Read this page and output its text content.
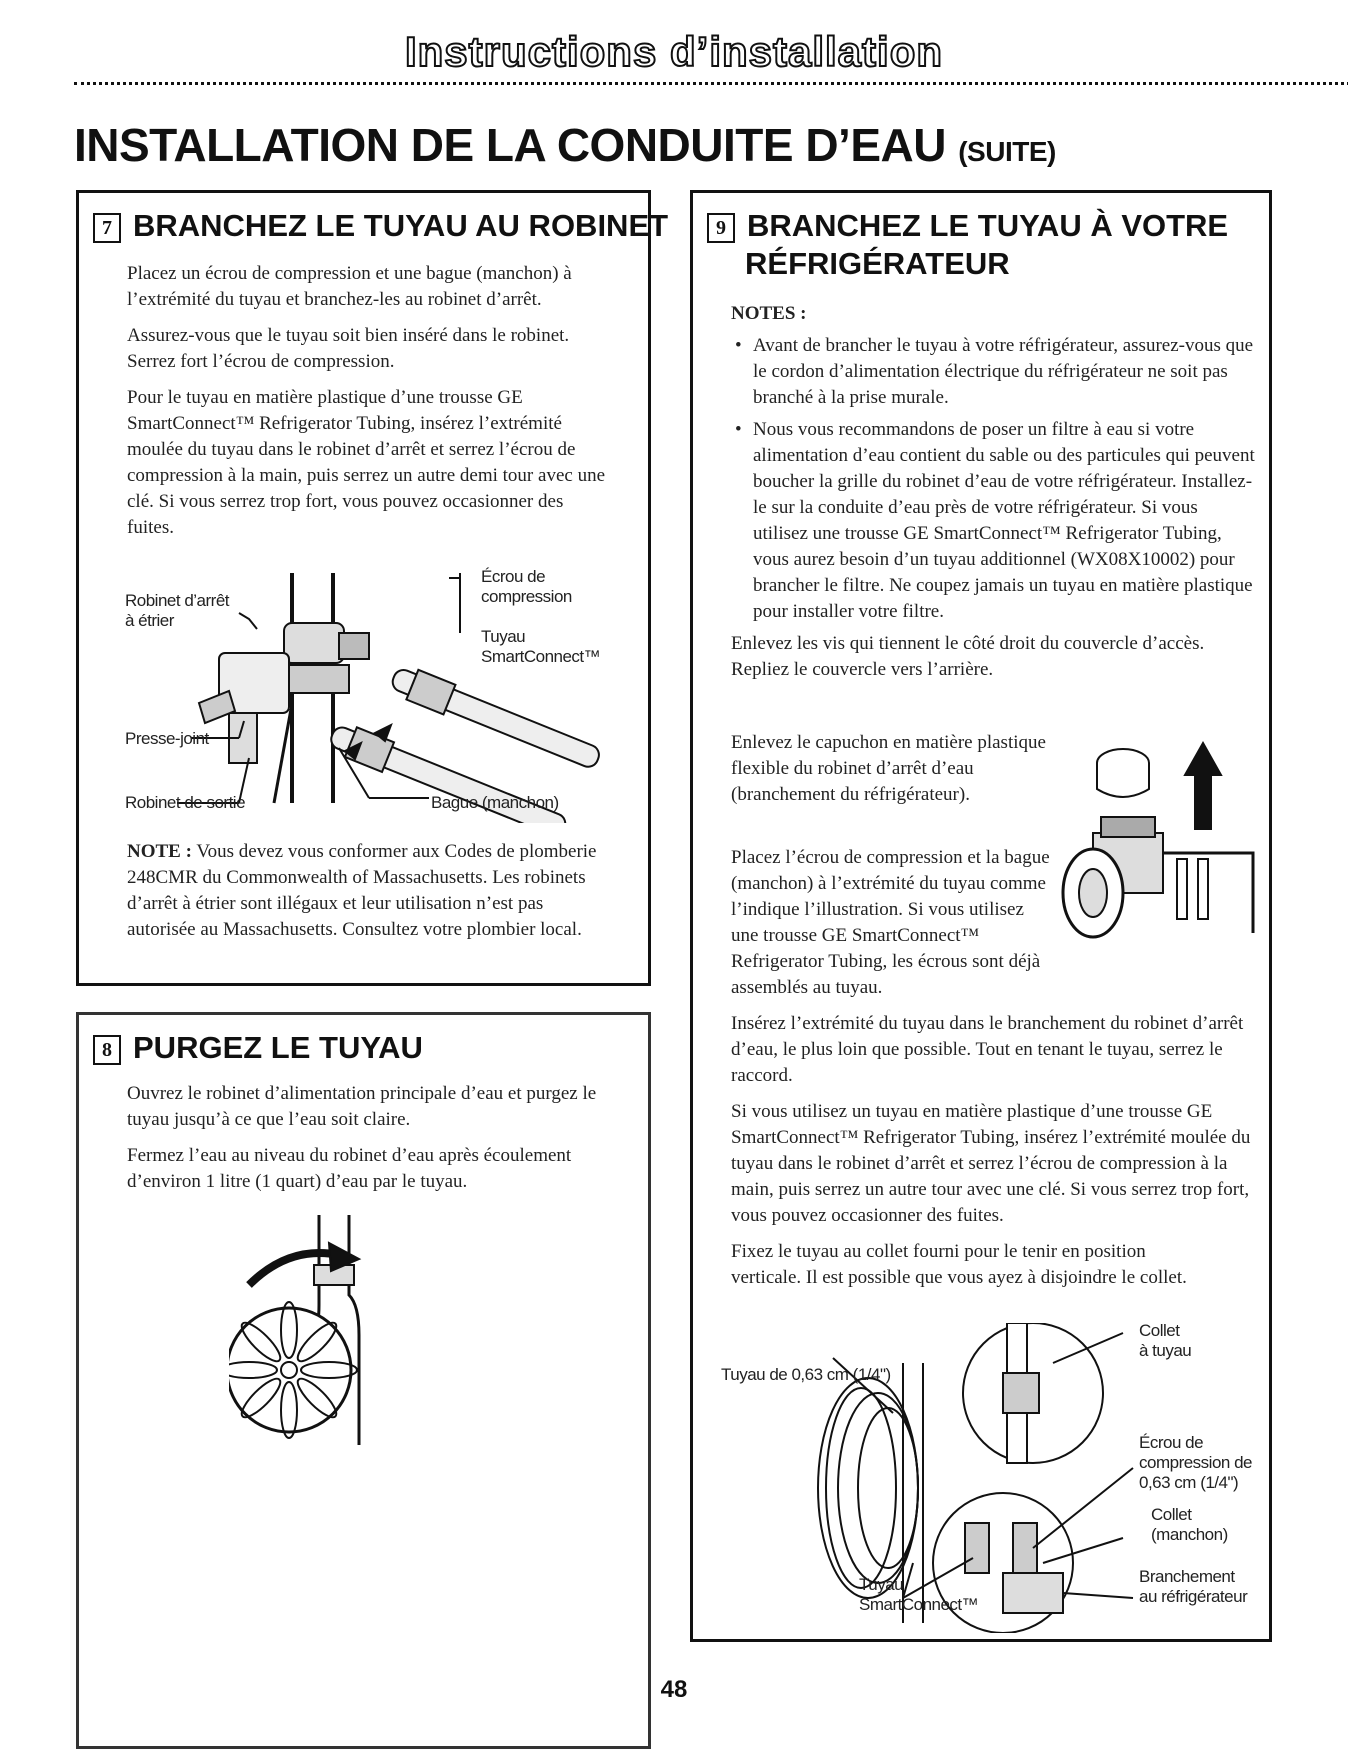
Instructions d’installation
INSTALLATION DE LA CONDUITE D’EAU (SUITE)
7 BRANCHEZ LE TUYAU AU ROBINET

Placez un écrou de compression et une bague (manchon) à l’extrémité du tuyau et branchez-les au robinet d’arrêt.

Assurez-vous que le tuyau soit bien inséré dans le robinet. Serrez fort l’écrou de compression.

Pour le tuyau en matière plastique d’une trousse GE SmartConnect™ Refrigerator Tubing, insérez l’extrémité moulée du tuyau dans le robinet d’arrêt et serrez l’écrou de compression à la main, puis serrez un autre demi tour avec une clé. Si vous serrez trop fort, vous pouvez occasionner des fuites.

Écrou de
compression
Tuyau
SmartConnect™
Robinet d’arrêt
à étrier
Presse-joint
Robinet de sortie	Bague (manchon)
NOTE : Vous devez vous conformer aux Codes de plomberie 248CMR du Commonwealth of Massachusetts. Les robinets d’arrêt à étrier sont illégaux et leur utilisation n’est pas autorisée au Massachusetts. Consultez votre plombier local.
8 PURGEZ LE TUYAU

Ouvrez le robinet d’alimentation principale d’eau et purgez le tuyau jusqu’à ce que l’eau soit claire.

Fermez l’eau au niveau du robinet d’eau après écoulement d’environ 1 litre (1 quart) d’eau par le tuyau.

9 BRANCHEZ LE TUYAU À VOTRE
RÉFRIGÉRATEUR

NOTES :

• Avant de brancher le tuyau à votre réfrigérateur, assurez-vous que le cordon d’alimentation électrique du réfrigérateur ne soit pas branché à la prise murale.
• Nous vous recommandons de poser un filtre à eau si votre alimentation d’eau contient du sable ou des particules qui peuvent boucher la grille du robinet d’eau de votre réfrigérateur. Installez-le sur la conduite d’eau près de votre réfrigérateur. Si vous utilisez une trousse GE SmartConnect™ Refrigerator Tubing, vous aurez besoin d’un tuyau additionnel (WX08X10002) pour brancher le filtre. Ne coupez jamais un tuyau en matière plastique pour installer votre filtre.

Enlevez les vis qui tiennent le côté droit du couvercle d’accès. Repliez le couvercle vers l’arrière.

Enlevez le capuchon en matière plastique flexible du robinet d’arrêt d’eau (branchement du réfrigérateur).

Placez l’écrou de compression et la bague (manchon) à l’extrémité du tuyau comme l’indique l’illustration. Si vous utilisez une trousse GE SmartConnect™ Refrigerator Tubing, les écrous sont déjà assemblés au tuyau.

Insérez l’extrémité du tuyau dans le branchement du robinet d’arrêt d’eau, le plus loin que possible. Tout en tenant le tuyau, serrez le raccord.

Si vous utilisez un tuyau en matière plastique d’une trousse GE SmartConnect™ Refrigerator Tubing, insérez l’extrémité moulée du tuyau dans le robinet d’arrêt et serrez l’écrou de compression à la main, puis serrez un autre tour avec une clé. Si vous serrez trop fort, vous pouvez occasionner des fuites.

Fixez le tuyau au collet fourni pour le tenir en position verticale. Il est possible que vous ayez à disjoindre le collet.

Collet
à tuyau
Tuyau de 0,63 cm (1/4")
Écrou de
compression de
0,63 cm (1/4")
Collet
(manchon)
Branchement
au réfrigérateur
Tuyau
SmartConnect™
48
